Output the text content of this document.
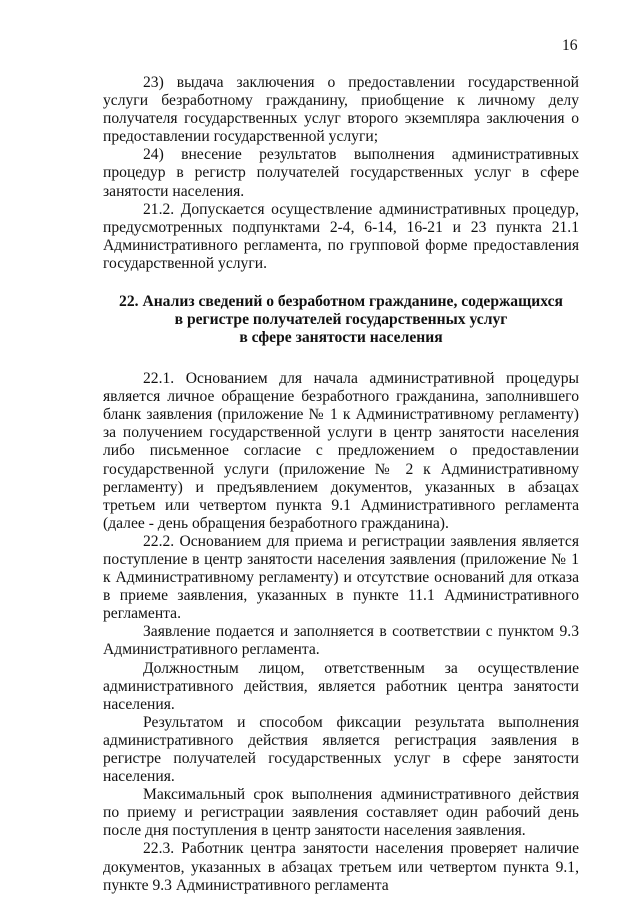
16

23) выдача заключения о предоставлении государственной услуги безработному гражданину, приобщение к личному делу получателя государственных услуг второго экземпляра заключения о предоставлении государственной услуги;

24) внесение результатов выполнения административных процедур в регистр получателей государственных услуг в сфере занятости населения.

21.2. Допускается осуществление административных процедур, предусмотренных подпунктами 2-4, 6-14, 16-21 и 23 пункта 21.1 Административного регламента, по групповой форме предоставления государственной услуги.

22. Анализ сведений о безработном гражданине, содержащихся
в регистре получателей государственных услуг
в сфере занятости населения

22.1. Основанием для начала административной процедуры является личное обращение безработного гражданина, заполнившего бланк заявления (приложение № 1 к Административному регламенту) за получением государственной услуги в центр занятости населения либо письменное согласие с предложением о предоставлении государственной услуги (приложение № 2 к Административному регламенту) и предъявлением документов, указанных в абзацах третьем или четвертом пункта 9.1 Административного регламента (далее - день обращения безработного гражданина).

22.2. Основанием для приема и регистрации заявления является поступление в центр занятости населения заявления (приложение № 1 к Административному регламенту) и отсутствие оснований для отказа в приеме заявления, указанных в пункте 11.1 Административного регламента.

Заявление подается и заполняется в соответствии с пунктом 9.3 Административного регламента.

Должностным лицом, ответственным за осуществление административного действия, является работник центра занятости населения.

Результатом и способом фиксации результата выполнения административного действия является регистрация заявления в регистре получателей государственных услуг в сфере занятости населения.

Максимальный срок выполнения административного действия по приему и регистрации заявления составляет один рабочий день после дня поступления в центр занятости населения заявления.

22.3. Работник центра занятости населения проверяет наличие документов, указанных в абзацах третьем или четвертом пункта 9.1, пункте 9.3 Административного регламента
